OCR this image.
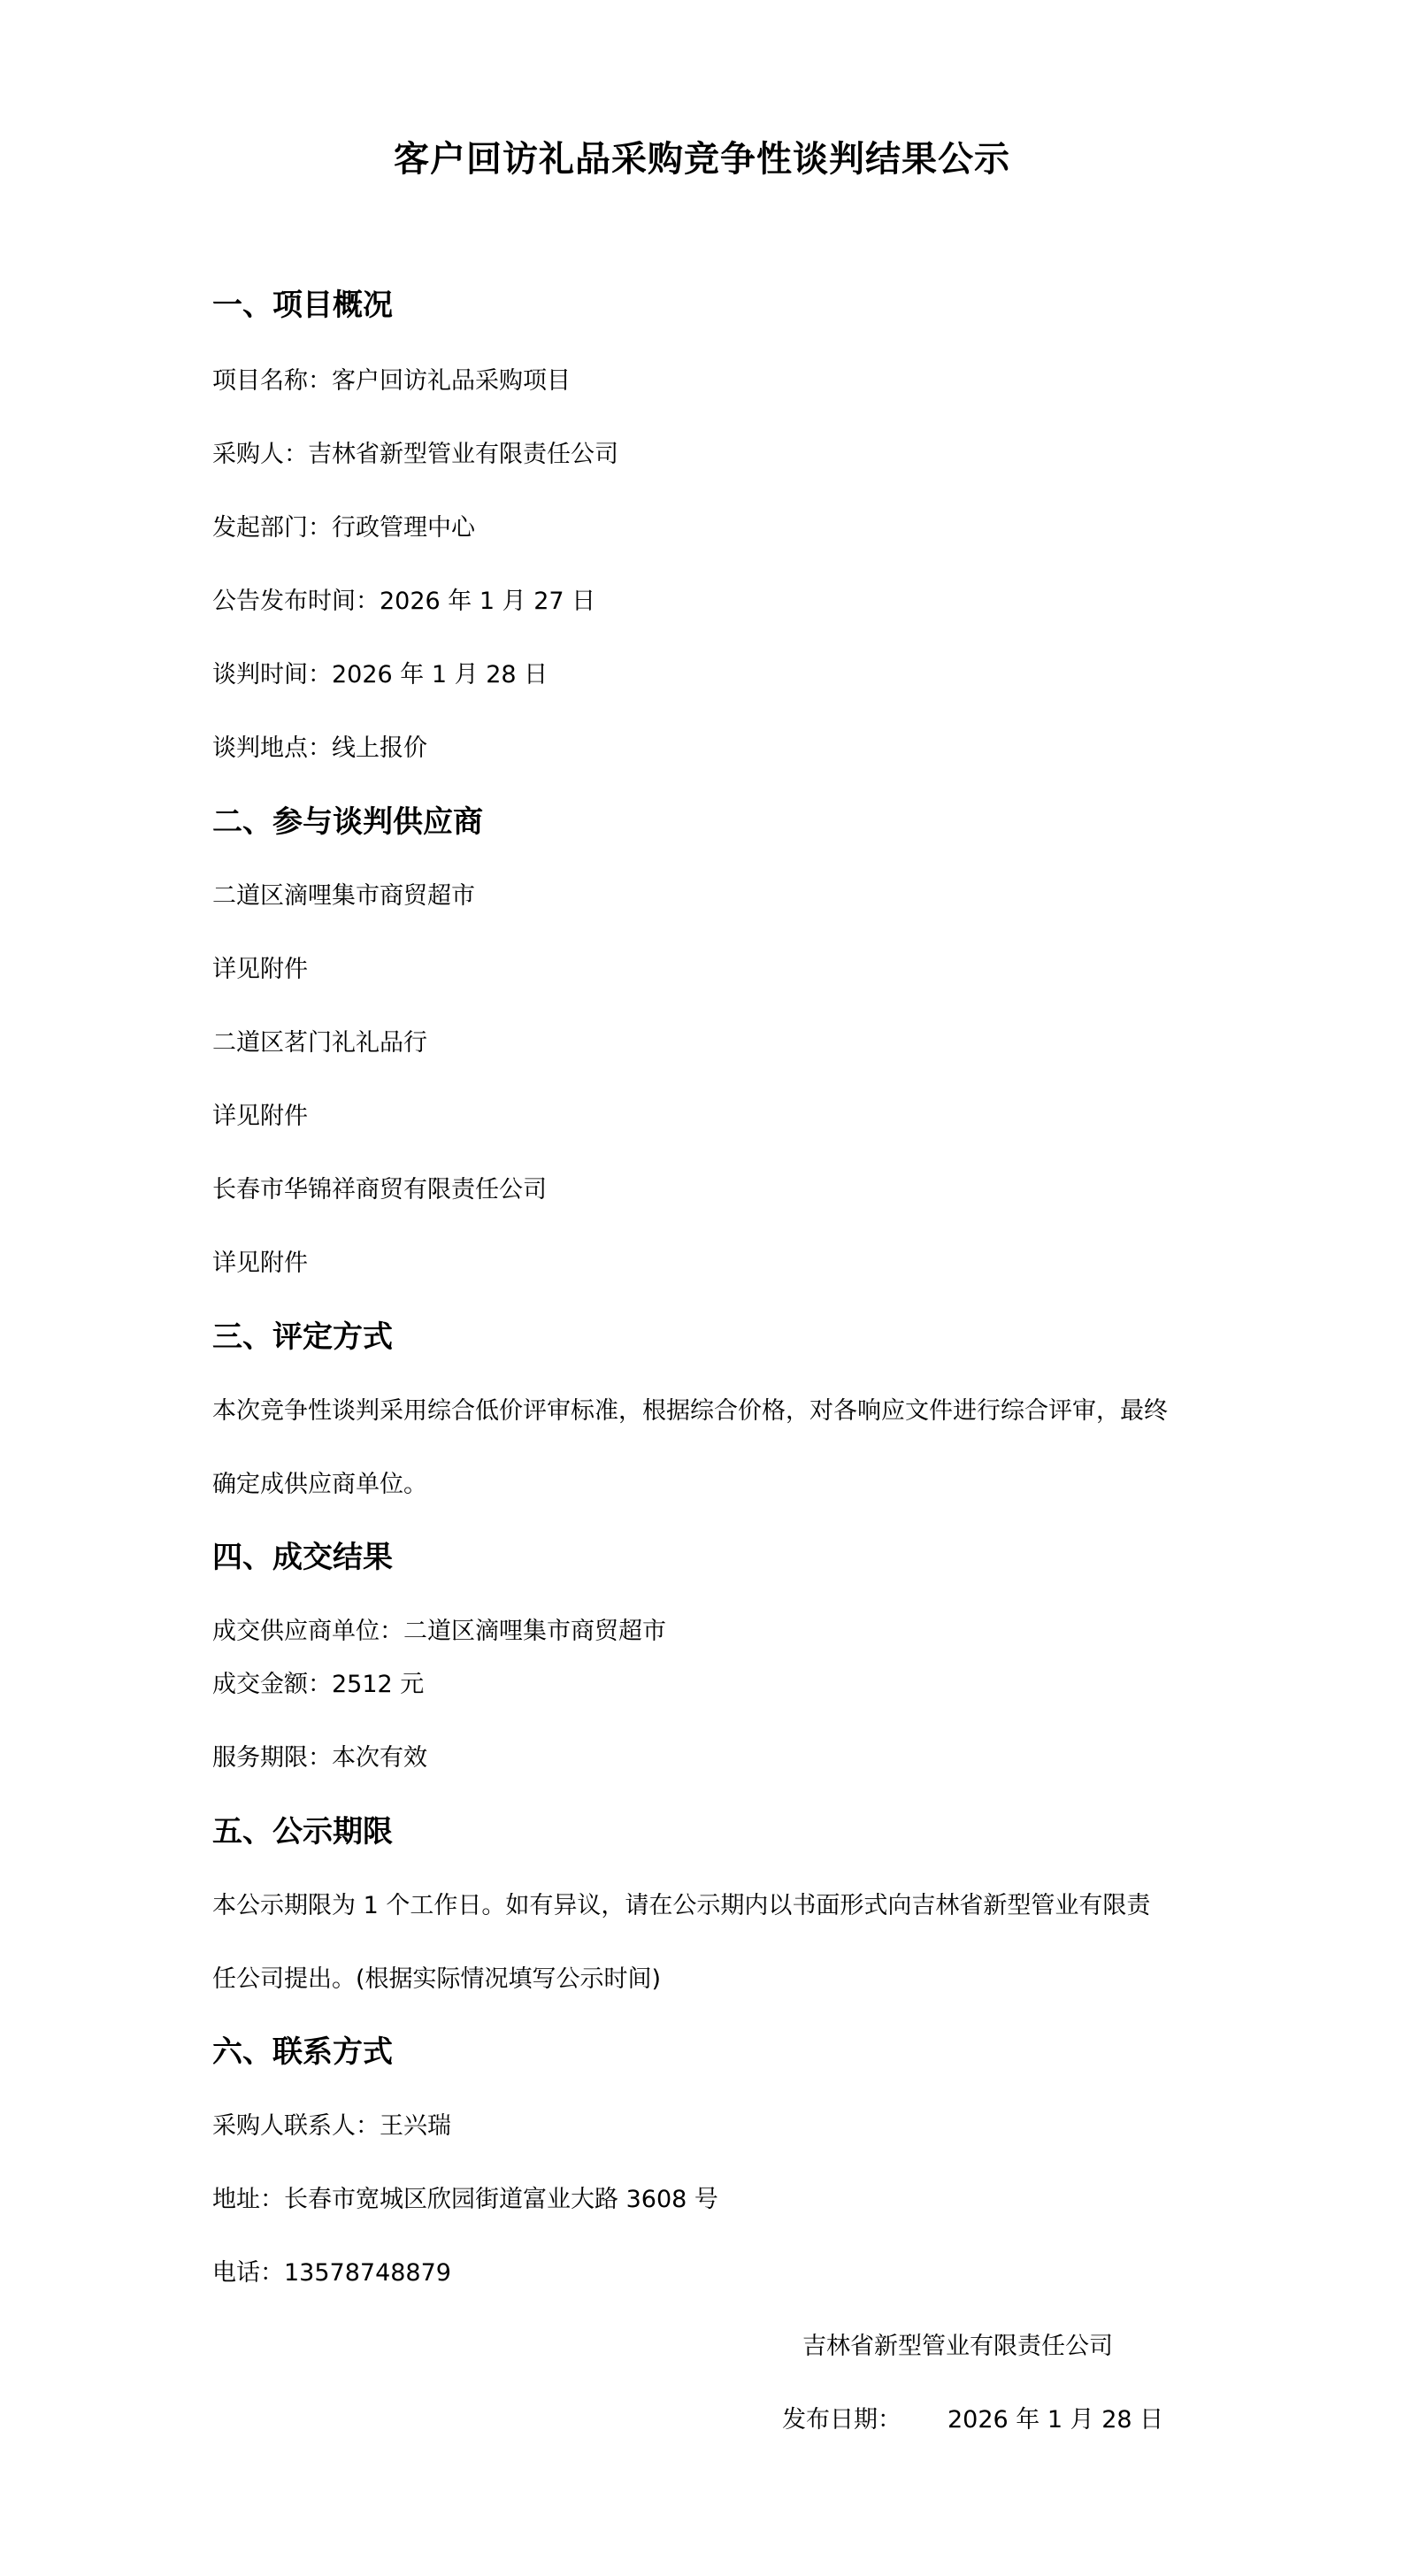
客户回访礼品采购竞争性谈判结果公示
一、项目概况
项目名称：客户回访礼品采购项目
采购人：吉林省新型管业有限责任公司
发起部门：行政管理中心
公告发布时间：2026 年 1 月 27 日
谈判时间：2026 年 1 月 28 日
谈判地点：线上报价
二、参与谈判供应商
二道区滴哩集市商贸超市
详见附件
二道区茗门礼礼品行
详见附件
长春市华锦祥商贸有限责任公司
详见附件
三、评定方式
本次竞争性谈判采用综合低价评审标准，根据综合价格，对各响应文件进行综合评审，最终
确定成供应商单位。
四、成交结果
成交供应商单位：二道区滴哩集市商贸超市
成交金额：2512 元
服务期限：本次有效
五、公示期限
本公示期限为 1 个工作日。如有异议，请在公示期内以书面形式向吉林省新型管业有限责
任公司提出。(根据实际情况填写公示时间)
六、联系方式
采购人联系人：王兴瑞
地址：长春市宽城区欣园街道富业大路 3608 号
电话：13578748879
吉林省新型管业有限责任公司
发布日期： 2026 年 1 月 28 日
